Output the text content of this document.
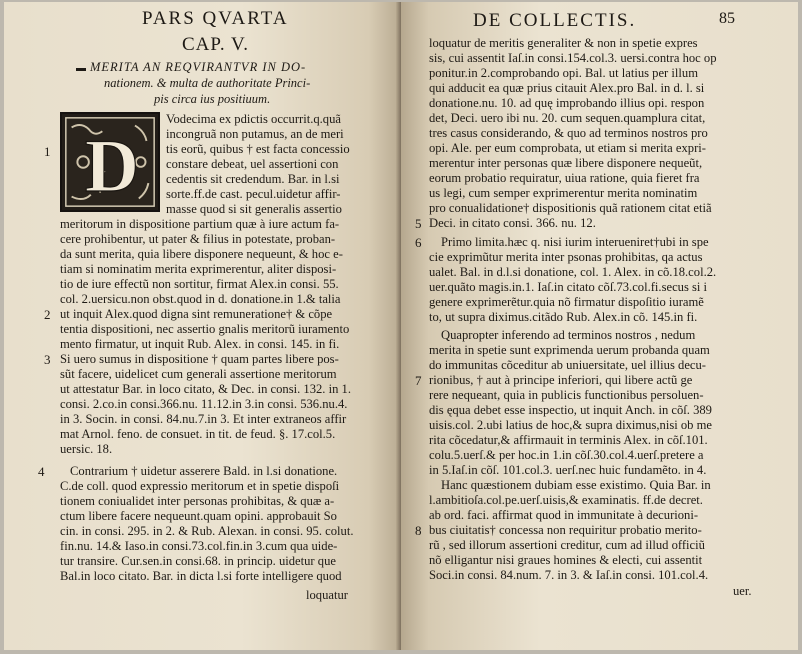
PARS QVARTA
CAP. V.
MERITA AN REQVIRANTVR IN DO-
nationem. & multa de authoritate Princi-
pis circa ius positiuum.
D
Vodecima ex pdictis occurrit.q.quã
incongruã non putamus, an de meri
tis eorũ, quibus † est facta concessio
constare debeat, uel assertioni con
cedentis sit credendum. Bar. in l.si
sorte.ff.de cast. pecul.uidetur affir-
masse quod si sit generalis assertio
meritorum in dispositione partium quæ à iure actum fa-
cere prohibentur, ut pater & filius in potestate, proban-
da sunt merita, quia libere disponere nequeunt, & hoc e-
tiam si nominatim merita exprimerentur, aliter disposi-
tio de iure effectũ non sortitur, firmat Alex.in consi. 55.
col. 2.uersicu.non obst.quod in d. donatione.in 1.& talia
ut inquit Alex.quod digna sint remuneratione† & cõpe
tentia dispositioni, nec assertio gnalis meritorũ iuramento
mento firmatur, ut inquit Rub. Alex. in consi. 145. in fi.
Si uero sumus in dispositione † quam partes libere pos-
sũt facere, uidelicet cum generali assertione meritorum
ut attestatur Bar. in loco citato, & Dec. in consi. 132. in 1.
consi. 2.co.in consi.366.nu. 11.12.in 3.in consi. 536.nu.4.
in 3. Socin. in consi. 84.nu.7.in 3. Et inter extraneos affir
mat Arnol. feno. de consuet. in tit. de feud. §. 17.col.5.
uersic. 18.
Contrarium † uidetur asserere Bald. in l.si donatione.
C.de coll. quod expressio meritorum et in spetie dispoſi
tionem coniualidet inter personas prohibitas, & quæ a-
ctum libere facere nequeunt.quam opini. approbauit So
cin. in consi. 295. in 2. & Rub. Alexan. in consi. 95. colut.
fin.nu. 14.& Iaso.in consi.73.col.fin.in 3.cum qua uide-
tur transire. Cur.sen.in consi.68. in princip. uidetur que
Bal.in loco citato. Bar. in dicta l.si forte intelligere quod
loquatur
1
2
3
4
DE COLLECTIS.	85
loquatur de meritis generaliter & non in spetie expres
sis, cui assentit Iaſ.in consi.154.col.3. uersi.contra hoc op
ponitur.in 2.comprobando opi. Bal. ut latius per illum
qui adducit ea quæ prius citauit Alex.pro Bal. in d. l. si
donatione.nu. 10. ad quę improbando illius opi. respon
det, Deci. uero ibi nu. 20. cum sequen.quamplura citat,
tres casus considerando, & quo ad terminos nostros pro
opi. Ale. per eum comprobata, ut etiam si merita expri-
merentur inter personas quæ libere disponere nequeũt,
eorum probatio requiratur, uiua ratione, quia fieret fra
us legi, cum semper exprimerentur merita nominatim
pro conualidatione† dispositionis quã rationem citat etiã
Deci. in citato consi. 366. nu. 12.
Primo limita.hæc q. nisi iurim interueniret†ubi in spe
cie exprimũtur merita inter psonas prohibitas, qa actus
ualet. Bal. in d.l.si donatione, col. 1. Alex. in cõ.18.col.2.
uer.quãto magis.in.1. Iaſ.in citato cõſ.73.col.fi.secus si i
genere exprimerẽtur.quia nõ firmatur dispoſitio iuramẽ
to, ut supra diximus.citãdo Rub. Alex.in cõ. 145.in fi.
Quapropter inferendo ad terminos nostros , nedum
merita in spetie sunt exprimenda uerum probanda quam
do immunitas cõceditur ab uniuersitate, uel illius decu-
rionibus, † aut à principe inferiori, qui libere actũ ge
rere nequeant, quia in publicis functionibus persoluen-
dis ęqua debet esse inspectio, ut inquit Anch. in cõſ. 389
uisis.col. 2.ubi latius de hoc,& supra diximus,nisi ob me
rita cõcedatur,& affirmauit in terminis Alex. in cõſ.101.
colu.5.uerſ.& per hoc.in 1.in cõſ.30.col.4.uerſ.pretere a
in 5.Iaſ.in cõſ. 101.col.3. uerſ.nec huic fundamẽto. in 4.
Hanc quæstionem dubiam esse existimo. Quia Bar. in
l.ambitioſa.col.pe.uerſ.uisis,& examinatis. ff.de decret.
ab ord. faci. affirmat quod in immunitate à decurioni-
bus ciuitatis† concessa non requiritur probatio merito-
rũ , sed illorum assertioni creditur, cum ad illud officiũ
nõ elligantur nisi graues homines & electi, cui assentit
Soci.in consi. 84.num. 7. in 3. & Iaſ.in consi. 101.col.4.
uer.
5
6
7
8
